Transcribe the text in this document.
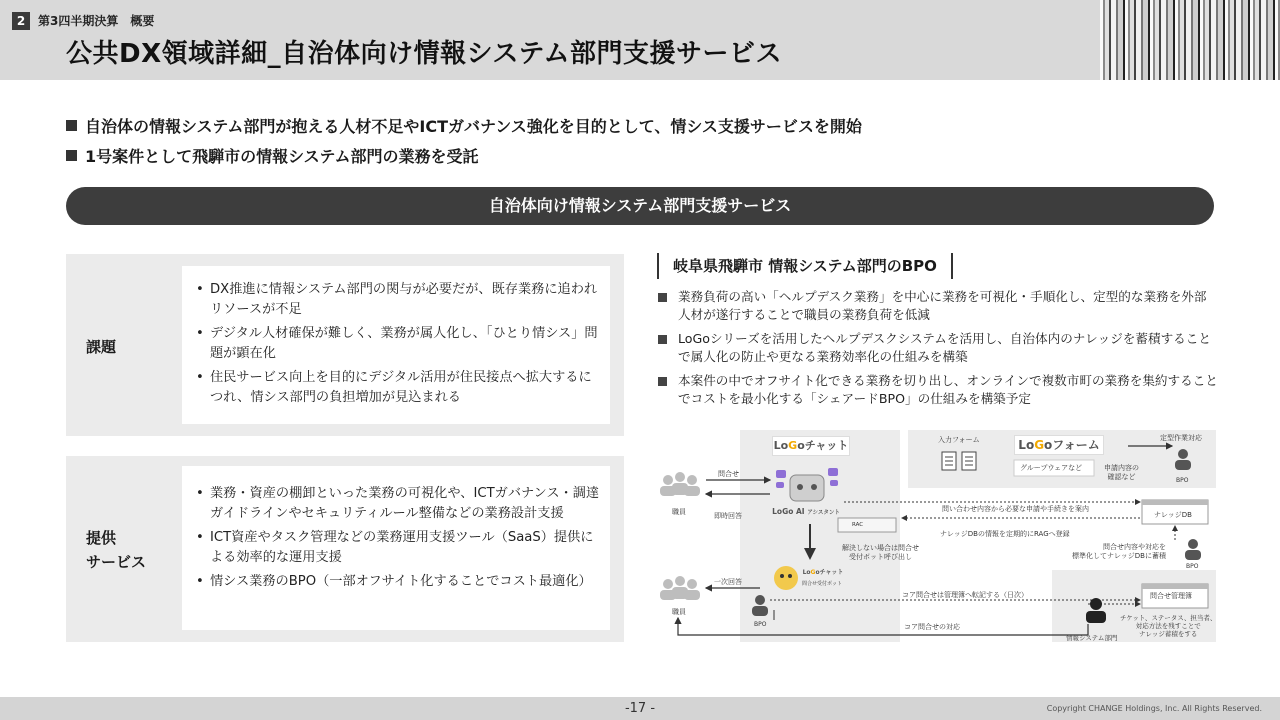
2	第3四半期決算　概要
公共DX領域詳細_自治体向け情報システム部門支援サービス
自治体の情報システム部門が抱える人材不足やICTガバナンス強化を目的として、情シス支援サービスを開始
1号案件として飛騨市の情報システム部門の業務を受託
自治体向け情報システム部門支援サービス
課題
• DX推進に情報システム部門の関与が必要だが、既存業務に追われリソースが不足
• デジタル人材確保が難しく、業務が属人化し、「ひとり情シス」問題が顕在化
• 住民サービス向上を目的にデジタル活用が住民接点へ拡大するにつれ、情シス部門の負担増加が見込まれる
提供
サービス
• 業務・資産の棚卸といった業務の可視化や、ICTガバナンス・調達ガイドラインやセキュリティルール整備などの業務設計支援
• ICT資産やタスク管理などの業務運用支援ツール（SaaS）提供による効率的な運用支援
• 情シス業務のBPO（一部オフサイト化することでコスト最適化）
岐阜県飛騨市 情報システム部門のBPO
業務負荷の高い「ヘルプデスク業務」を中心に業務を可視化・手順化し、定型的な業務を外部人材が遂行することで職員の業務負荷を低減
LoGoシリーズを活用したヘルプデスクシステムを活用し、自治体内のナレッジを蓄積することで属人化の防止や更なる業務効率化の仕組みを構築
本案件の中でオフサイト化できる業務を切り出し、オンラインで複数市町の業務を集約することでコストを最小化する「シェアードBPO」の仕組みを構築予定
LoGoチャット
LoGo AI アシスタント
LoGoフォーム
LoGoチャット
RAC
入力フォーム
グループウェアなど	申請内容の
確認など
定型作業対応
BPO
問合せ
職員	即時回答
問い合わせ内容から必要な申請や手続きを案内
ナレッジDB
ナレッジDBの情報を定期的にRAGへ登録
解決しない場合は問合せ
受付ボット呼び出し
問合せ内容や対応を
標準化してナレッジDBに蓄積
BPO
一次回答	問合せ受付ボット
職員
BPO
コア問合せは管理簿へ転記する（日次）	問合せ管理簿
コア問合せの対応
チケット、ステータス、担当者、
対応方法を残すことで
ナレッジ蓄積をする
情報システム部門
-17 -	Copyright CHANGE Holdings, Inc. All Rights Reserved.
